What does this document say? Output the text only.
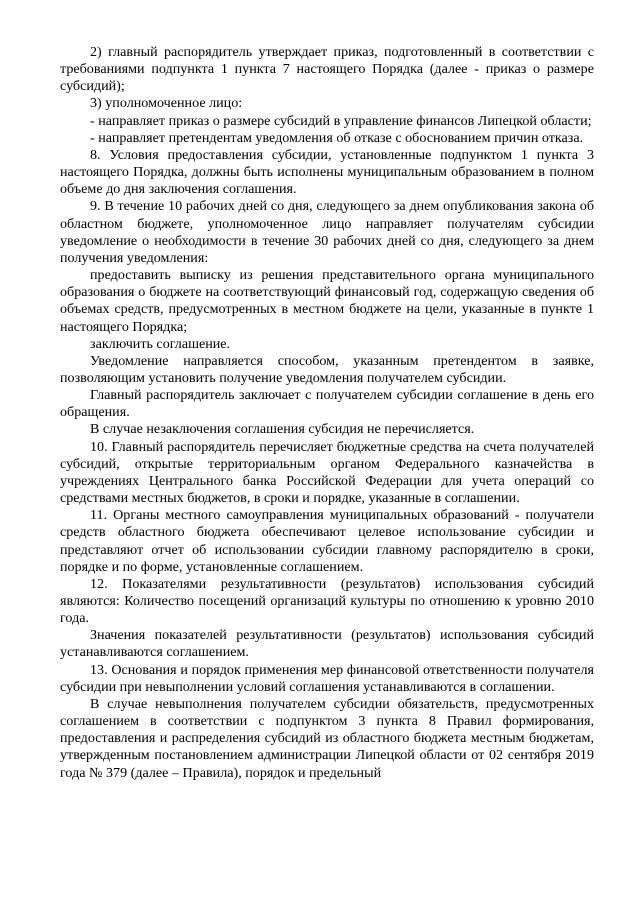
2) главный распорядитель утверждает приказ, подготовленный в соответствии с требованиями подпункта 1 пункта 7 настоящего Порядка (далее - приказ о размере субсидий);

3) уполномоченное лицо:

- направляет приказ о размере субсидий в управление финансов Липецкой области;

- направляет претендентам уведомления об отказе с обоснованием причин отказа.

8. Условия предоставления субсидии, установленные подпунктом 1 пункта 3 настоящего Порядка, должны быть исполнены муниципальным образованием в полном объеме до дня заключения соглашения.

9. В течение 10 рабочих дней со дня, следующего за днем опубликования закона об областном бюджете, уполномоченное лицо направляет получателям субсидии уведомление о необходимости в течение 30 рабочих дней со дня, следующего за днем получения уведомления:

предоставить выписку из решения представительного органа муниципального образования о бюджете на соответствующий финансовый год, содержащую сведения об объемах средств, предусмотренных в местном бюджете на цели, указанные в пункте 1 настоящего Порядка;

заключить соглашение.

Уведомление направляется способом, указанным претендентом в заявке, позволяющим установить получение уведомления получателем субсидии.

Главный распорядитель заключает с получателем субсидии соглашение в день его обращения.

В случае незаключения соглашения субсидия не перечисляется.

10. Главный распорядитель перечисляет бюджетные средства на счета получателей субсидий, открытые территориальным органом Федерального казначейства в учреждениях Центрального банка Российской Федерации для учета операций со средствами местных бюджетов, в сроки и порядке, указанные в соглашении.

11. Органы местного самоуправления муниципальных образований - получатели средств областного бюджета обеспечивают целевое использование субсидии и представляют отчет об использовании субсидии главному распорядителю в сроки, порядке и по форме, установленные соглашением.

12. Показателями результативности (результатов) использования субсидий являются: Количество посещений организаций культуры по отношению к уровню 2010 года.

Значения показателей результативности (результатов) использования субсидий устанавливаются соглашением.

13. Основания и порядок применения мер финансовой ответственности получателя субсидии при невыполнении условий соглашения устанавливаются в соглашении.

В случае невыполнения получателем субсидии обязательств, предусмотренных соглашением в соответствии с подпунктом 3 пункта 8 Правил формирования, предоставления и распределения субсидий из областного бюджета местным бюджетам, утвержденным постановлением администрации Липецкой области от 02 сентября 2019 года № 379 (далее – Правила), порядок и предельный
